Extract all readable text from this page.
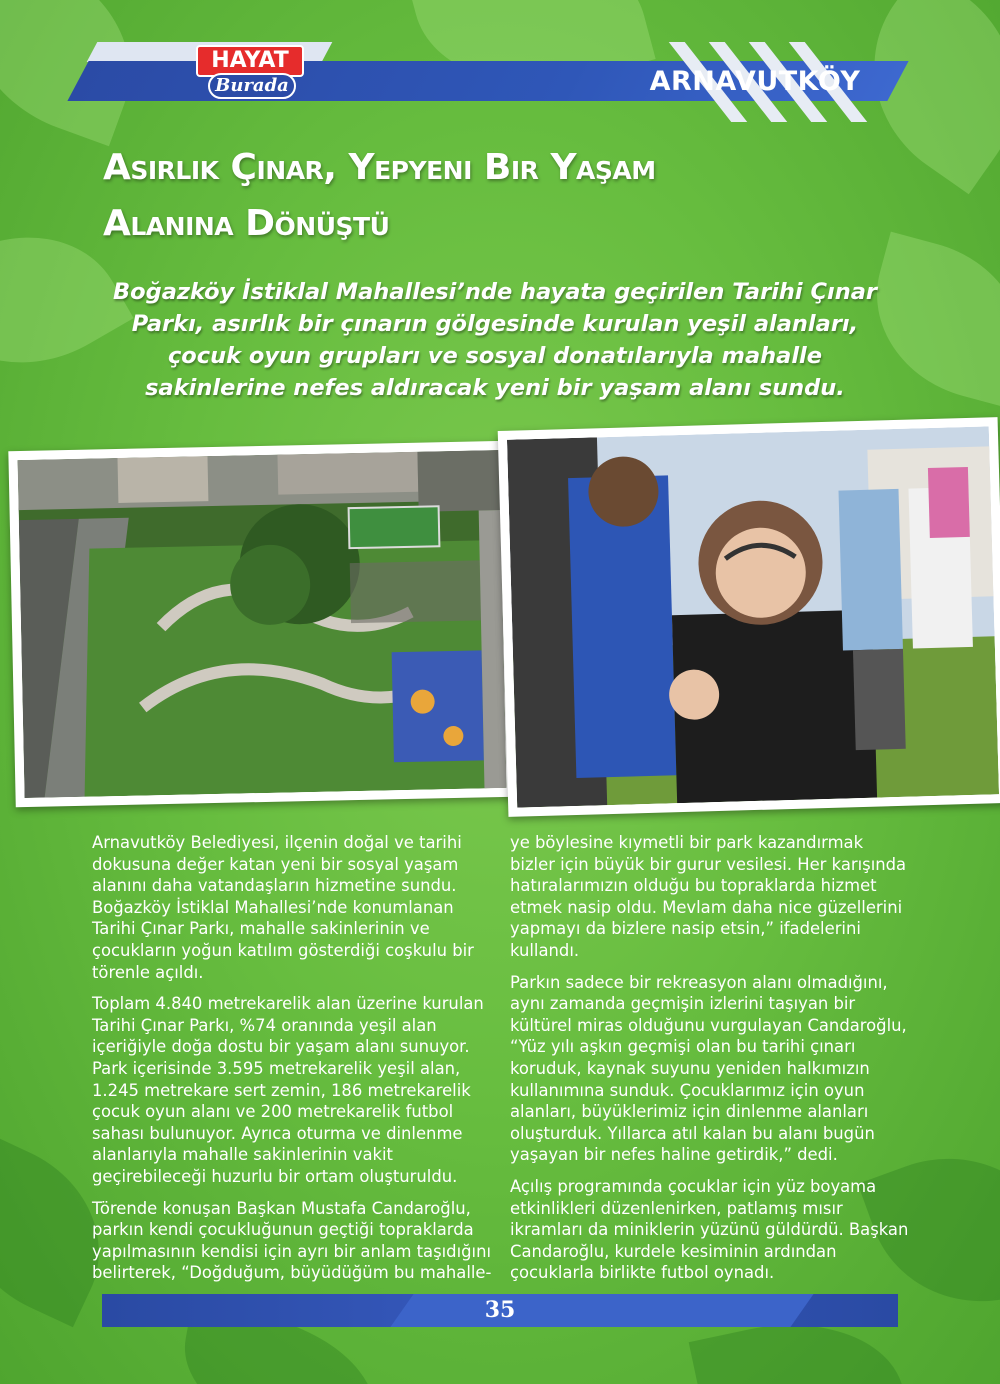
HAYAT
Burada	ARNAVUTKÖY
Asırlık Çınar, Yepyeni Bir Yaşam
Alanına Dönüştü
Boğazköy İstiklal Mahallesi’nde hayata geçirilen Tarihi Çınar Parkı, asırlık bir çınarın gölgesinde kurulan yeşil alanları, çocuk oyun grupları ve sosyal donatılarıyla mahalle sakinlerine nefes aldıracak yeni bir yaşam alanı sundu.

Arnavutköy Belediyesi, ilçenin doğal ve tarihi dokusuna değer katan yeni bir sosyal yaşam alanını daha vatandaşların hizmetine sundu. Boğazköy İstiklal Mahallesi’nde konumlanan Tarihi Çınar Parkı, mahalle sakinlerinin ve çocukların yoğun katılım gösterdiği coşkulu bir törenle açıldı.

Toplam 4.840 metrekarelik alan üzerine kurulan Tarihi Çınar Parkı, %74 oranında yeşil alan içeriğiyle doğa dostu bir yaşam alanı sunuyor. Park içerisinde 3.595 metrekarelik yeşil alan, 1.245 metrekare sert zemin, 186 metrekarelik çocuk oyun alanı ve 200 metrekarelik futbol sahası bulunuyor. Ayrıca oturma ve dinlenme alanlarıyla mahalle sakinlerinin vakit geçirebileceği huzurlu bir ortam oluşturuldu.

Törende konuşan Başkan Mustafa Candaroğlu, parkın kendi çocukluğunun geçtiği topraklarda yapılmasının kendisi için ayrı bir anlam taşıdığını belirterek, “Doğduğum, büyüdüğüm bu mahalle-

ye böylesine kıymetli bir park kazandırmak bizler için büyük bir gurur vesilesi. Her karışında hatıralarımızın olduğu bu topraklarda hizmet etmek nasip oldu. Mevlam daha nice güzellerini yapmayı da bizlere nasip etsin,” ifadelerini kullandı.

Parkın sadece bir rekreasyon alanı olmadığını, aynı zamanda geçmişin izlerini taşıyan bir kültürel miras olduğunu vurgulayan Candaroğlu, “Yüz yılı aşkın geçmişi olan bu tarihi çınarı koruduk, kaynak suyunu yeniden halkımızın kullanımına sunduk. Çocuklarımız için oyun alanları, büyüklerimiz için dinlenme alanları oluşturduk. Yıllarca atıl kalan bu alanı bugün yaşayan bir nefes haline getirdik,” dedi.

Açılış programında çocuklar için yüz boyama etkinlikleri düzenlenirken, patlamış mısır ikramları da miniklerin yüzünü güldürdü. Başkan Candaroğlu, kurdele kesiminin ardından çocuklarla birlikte futbol oynadı.

35
